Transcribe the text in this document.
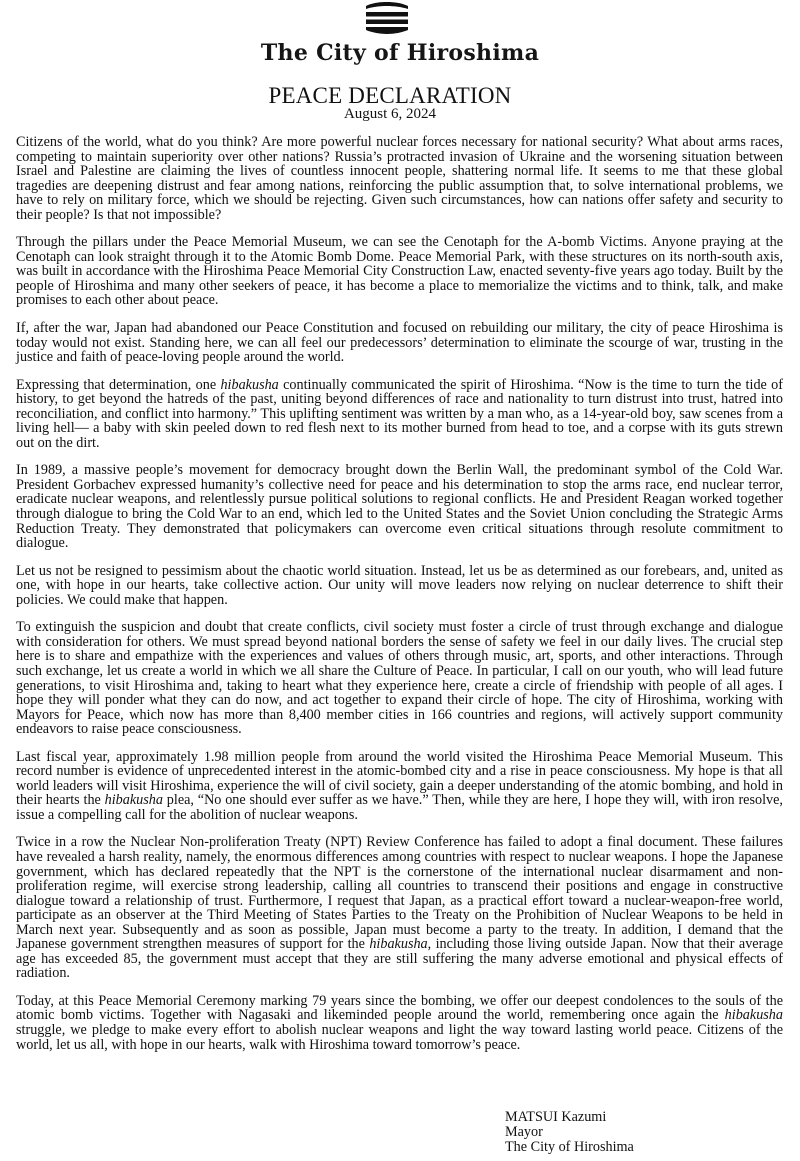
The City of Hiroshima
PEACE DECLARATION
August 6, 2024

Citizens of the world, what do you think? Are more powerful nuclear forces necessary for national security? What about arms races, competing to maintain superiority over other nations? Russia’s protracted invasion of Ukraine and the worsening situation between Israel and Palestine are claiming the lives of countless innocent people, shattering normal life. It seems to me that these global tragedies are deepening distrust and fear among nations, reinforcing the public assumption that, to solve international problems, we have to rely on military force, which we should be rejecting. Given such circumstances, how can nations offer safety and security to their people? Is that not impossible?

Through the pillars under the Peace Memorial Museum, we can see the Cenotaph for the A-bomb Victims. Anyone praying at the Cenotaph can look straight through it to the Atomic Bomb Dome. Peace Memorial Park, with these structures on its north-south axis, was built in accordance with the Hiroshima Peace Memorial City Construction Law, enacted seventy-five years ago today. Built by the people of Hiroshima and many other seekers of peace, it has become a place to memorialize the victims and to think, talk, and make promises to each other about peace.

If, after the war, Japan had abandoned our Peace Constitution and focused on rebuilding our military, the city of peace Hiroshima is today would not exist. Standing here, we can all feel our predecessors’ determination to eliminate the scourge of war, trusting in the justice and faith of peace-loving people around the world.

Expressing that determination, one hibakusha continually communicated the spirit of Hiroshima. “Now is the time to turn the tide of history, to get beyond the hatreds of the past, uniting beyond differences of race and nationality to turn distrust into trust, hatred into reconciliation, and conflict into harmony.” This uplifting sentiment was written by a man who, as a 14-year-old boy, saw scenes from a living hell— a baby with skin peeled down to red flesh next to its mother burned from head to toe, and a corpse with its guts strewn out on the dirt.

In 1989, a massive people’s movement for democracy brought down the Berlin Wall, the predominant symbol of the Cold War. President Gorbachev expressed humanity’s collective need for peace and his determination to stop the arms race, end nuclear terror, eradicate nuclear weapons, and relentlessly pursue political solutions to regional conflicts. He and President Reagan worked together through dialogue to bring the Cold War to an end, which led to the United States and the Soviet Union concluding the Strategic Arms Reduction Treaty. They demonstrated that policymakers can overcome even critical situations through resolute commitment to dialogue.

Let us not be resigned to pessimism about the chaotic world situation. Instead, let us be as determined as our forebears, and, united as one, with hope in our hearts, take collective action. Our unity will move leaders now relying on nuclear deterrence to shift their policies. We could make that happen.

To extinguish the suspicion and doubt that create conflicts, civil society must foster a circle of trust through exchange and dialogue with consideration for others. We must spread beyond national borders the sense of safety we feel in our daily lives. The crucial step here is to share and empathize with the experiences and values of others through music, art, sports, and other interactions. Through such exchange, let us create a world in which we all share the Culture of Peace. In particular, I call on our youth, who will lead future generations, to visit Hiroshima and, taking to heart what they experience here, create a circle of friendship with people of all ages. I hope they will ponder what they can do now, and act together to expand their circle of hope. The city of Hiroshima, working with Mayors for Peace, which now has more than 8,400 member cities in 166 countries and regions, will actively support community endeavors to raise peace consciousness.

Last fiscal year, approximately 1.98 million people from around the world visited the Hiroshima Peace Memorial Museum. This record number is evidence of unprecedented interest in the atomic-bombed city and a rise in peace consciousness. My hope is that all world leaders will visit Hiroshima, experience the will of civil society, gain a deeper understanding of the atomic bombing, and hold in their hearts the hibakusha plea, “No one should ever suffer as we have.” Then, while they are here, I hope they will, with iron resolve, issue a compelling call for the abolition of nuclear weapons.

Twice in a row the Nuclear Non-proliferation Treaty (NPT) Review Conference has failed to adopt a final document. These failures have revealed a harsh reality, namely, the enormous differences among countries with respect to nuclear weapons. I hope the Japanese government, which has declared repeatedly that the NPT is the cornerstone of the international nuclear disarmament and non-proliferation regime, will exercise strong leadership, calling all countries to transcend their positions and engage in constructive dialogue toward a relationship of trust. Furthermore, I request that Japan, as a practical effort toward a nuclear-weapon-free world, participate as an observer at the Third Meeting of States Parties to the Treaty on the Prohibition of Nuclear Weapons to be held in March next year. Subsequently and as soon as possible, Japan must become a party to the treaty. In addition, I demand that the Japanese government strengthen measures of support for the hibakusha, including those living outside Japan. Now that their average age has exceeded 85, the government must accept that they are still suffering the many adverse emotional and physical effects of radiation.

Today, at this Peace Memorial Ceremony marking 79 years since the bombing, we offer our deepest condolences to the souls of the atomic bomb victims. Together with Nagasaki and likeminded people around the world, remembering once again the hibakusha struggle, we pledge to make every effort to abolish nuclear weapons and light the way toward lasting world peace. Citizens of the world, let us all, with hope in our hearts, walk with Hiroshima toward tomorrow’s peace.

MATSUI Kazumi
Mayor
The City of Hiroshima
